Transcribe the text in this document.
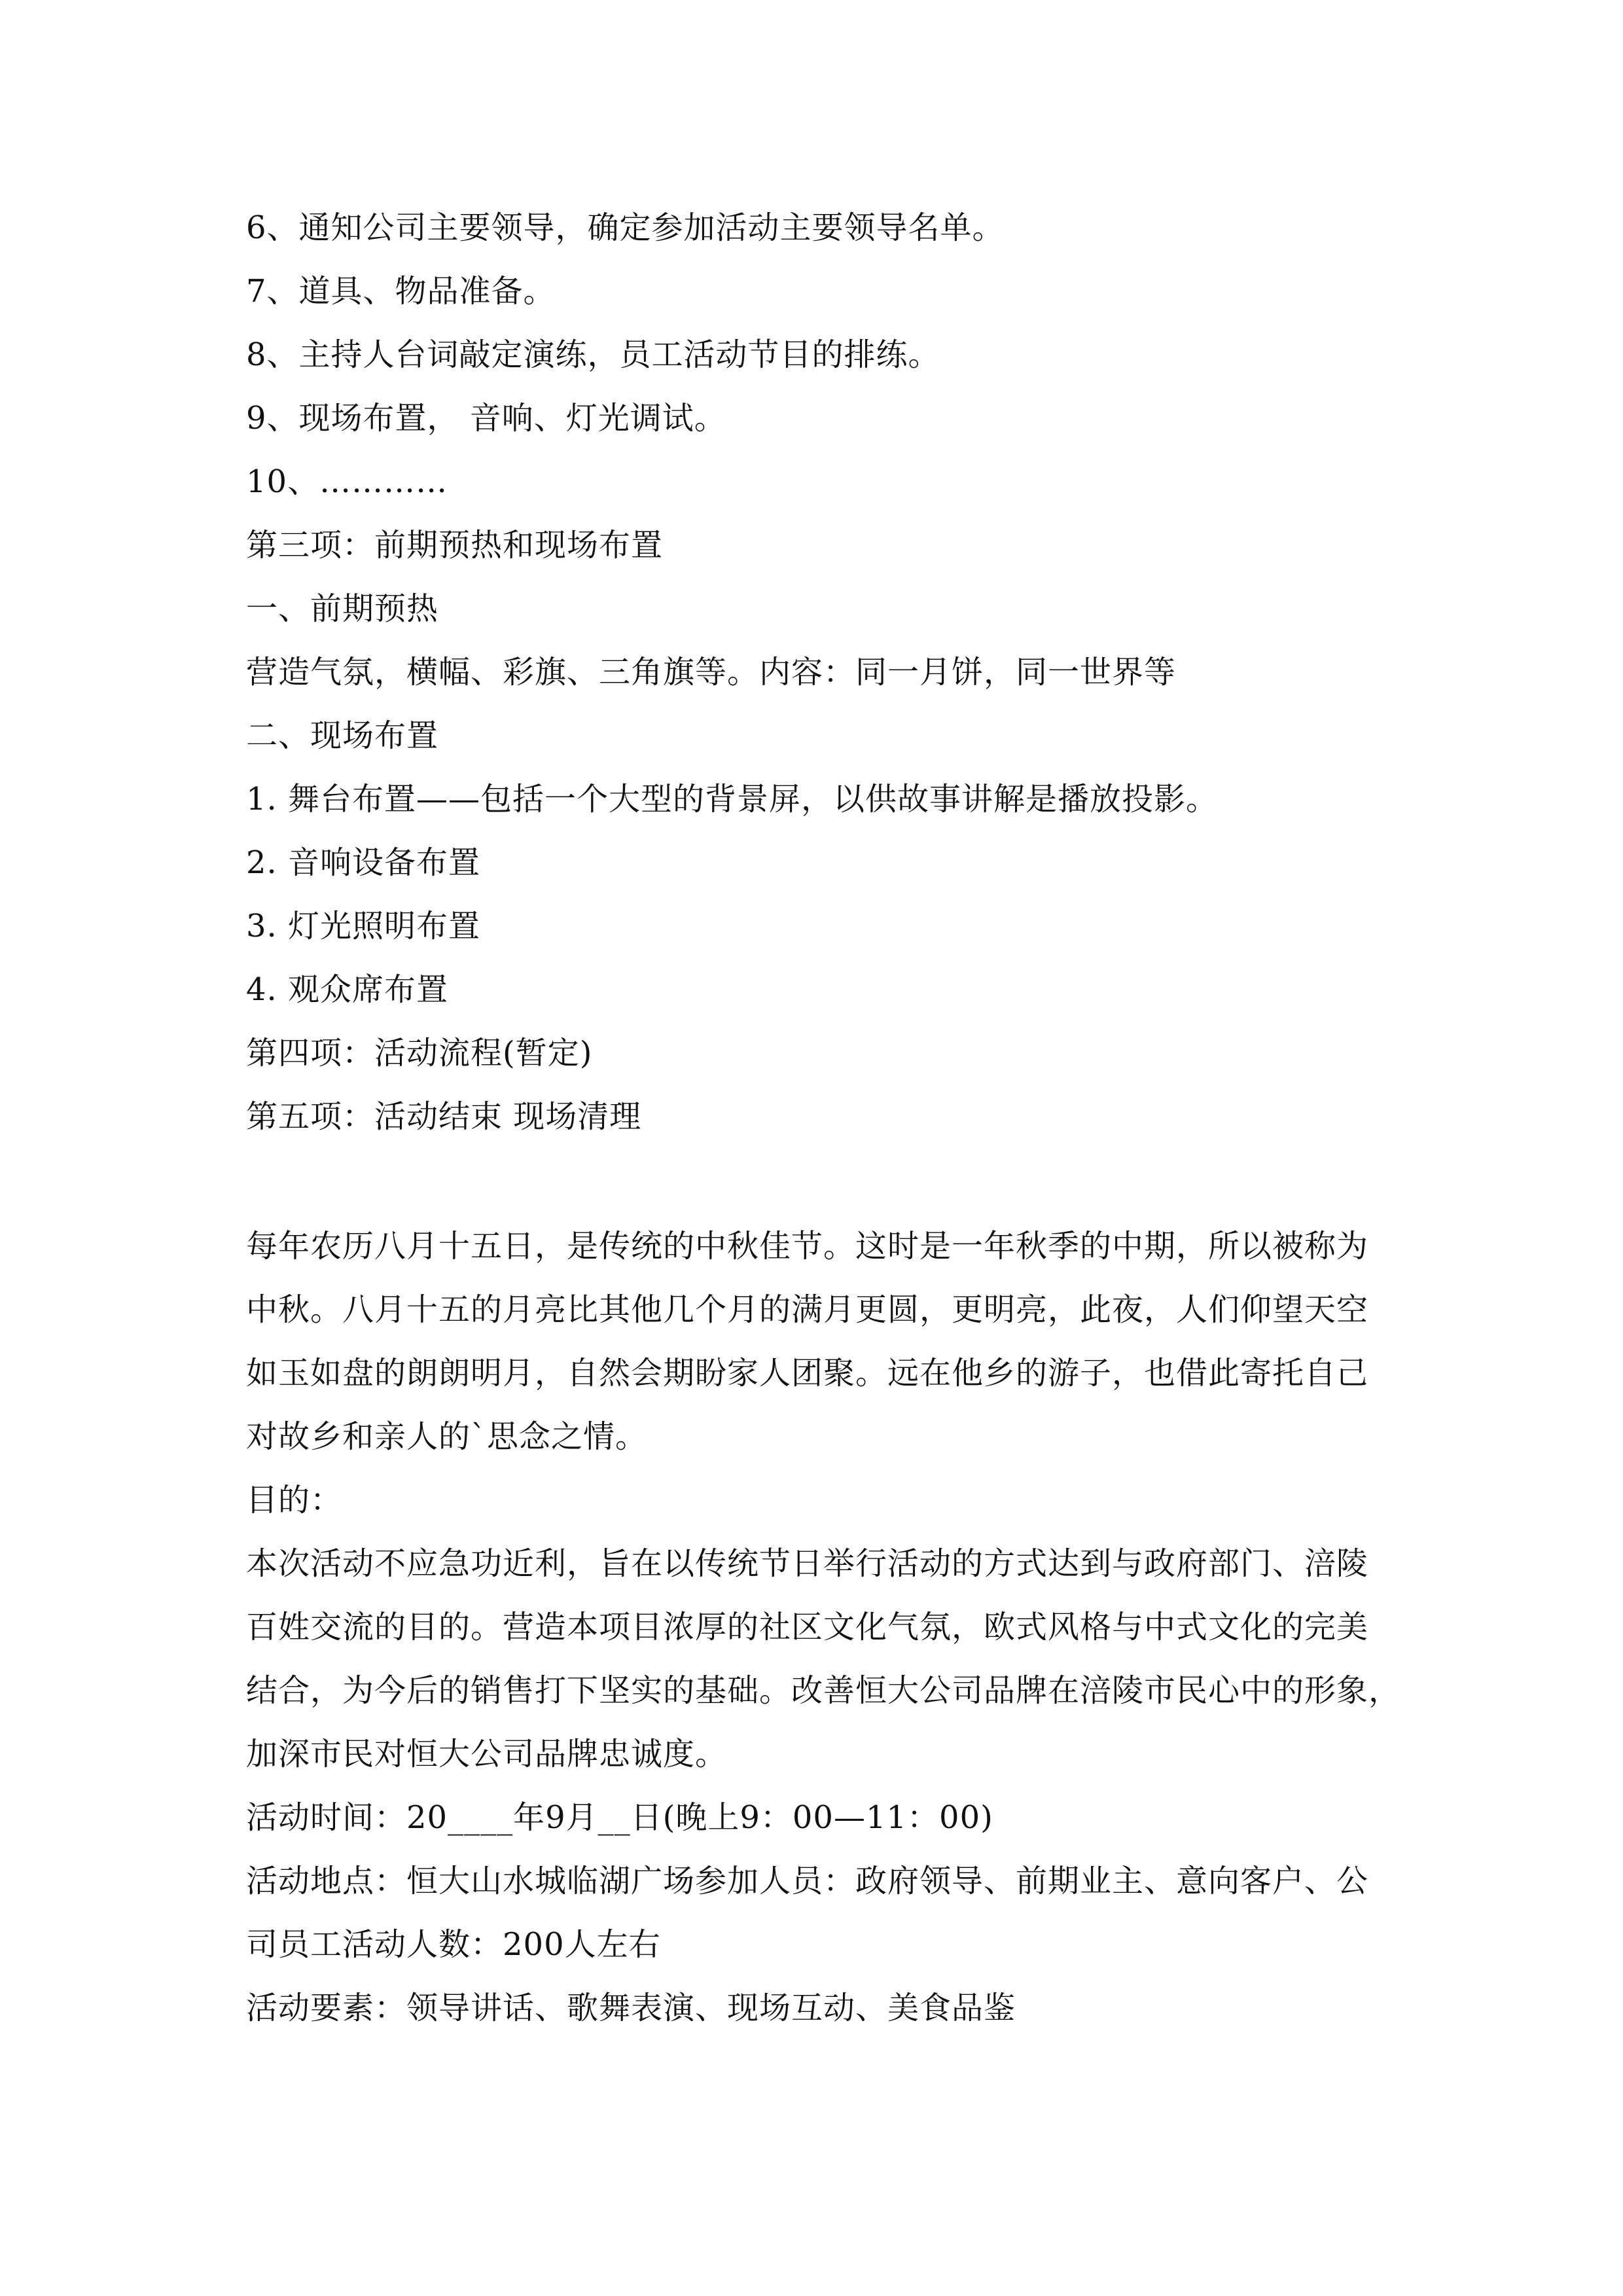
6、通知公司主要领导，确定参加活动主要领导名单。
7、道具、物品准备。
8、主持人台词敲定演练，员工活动节目的排练。
9、现场布置， 音响、灯光调试。
10、…………
第三项：前期预热和现场布置
一、前期预热
营造气氛，横幅、彩旗、三角旗等。内容：同一月饼，同一世界等
二、现场布置
1. 舞台布置——包括一个大型的背景屏，以供故事讲解是播放投影。
2. 音响设备布置
3. 灯光照明布置
4. 观众席布置
第四项：活动流程(暂定)
第五项：活动结束 现场清理
每年农历八月十五日，是传统的中秋佳节。这时是一年秋季的中期，所以被称为
中秋。八月十五的月亮比其他几个月的满月更圆，更明亮，此夜，人们仰望天空
如玉如盘的朗朗明月，自然会期盼家人团聚。远在他乡的游子，也借此寄托自己
对故乡和亲人的`思念之情。
目的：
本次活动不应急功近利，旨在以传统节日举行活动的方式达到与政府部门、涪陵
百姓交流的目的。营造本项目浓厚的社区文化气氛，欧式风格与中式文化的完美
结合，为今后的销售打下坚实的基础。改善恒大公司品牌在涪陵市民心中的形象，
加深市民对恒大公司品牌忠诚度。
活动时间：20____年9月__日(晚上9：00—11：00)
活动地点：恒大山水城临湖广场参加人员：政府领导、前期业主、意向客户、公
司员工活动人数：200人左右
活动要素：领导讲话、歌舞表演、现场互动、美食品鉴
